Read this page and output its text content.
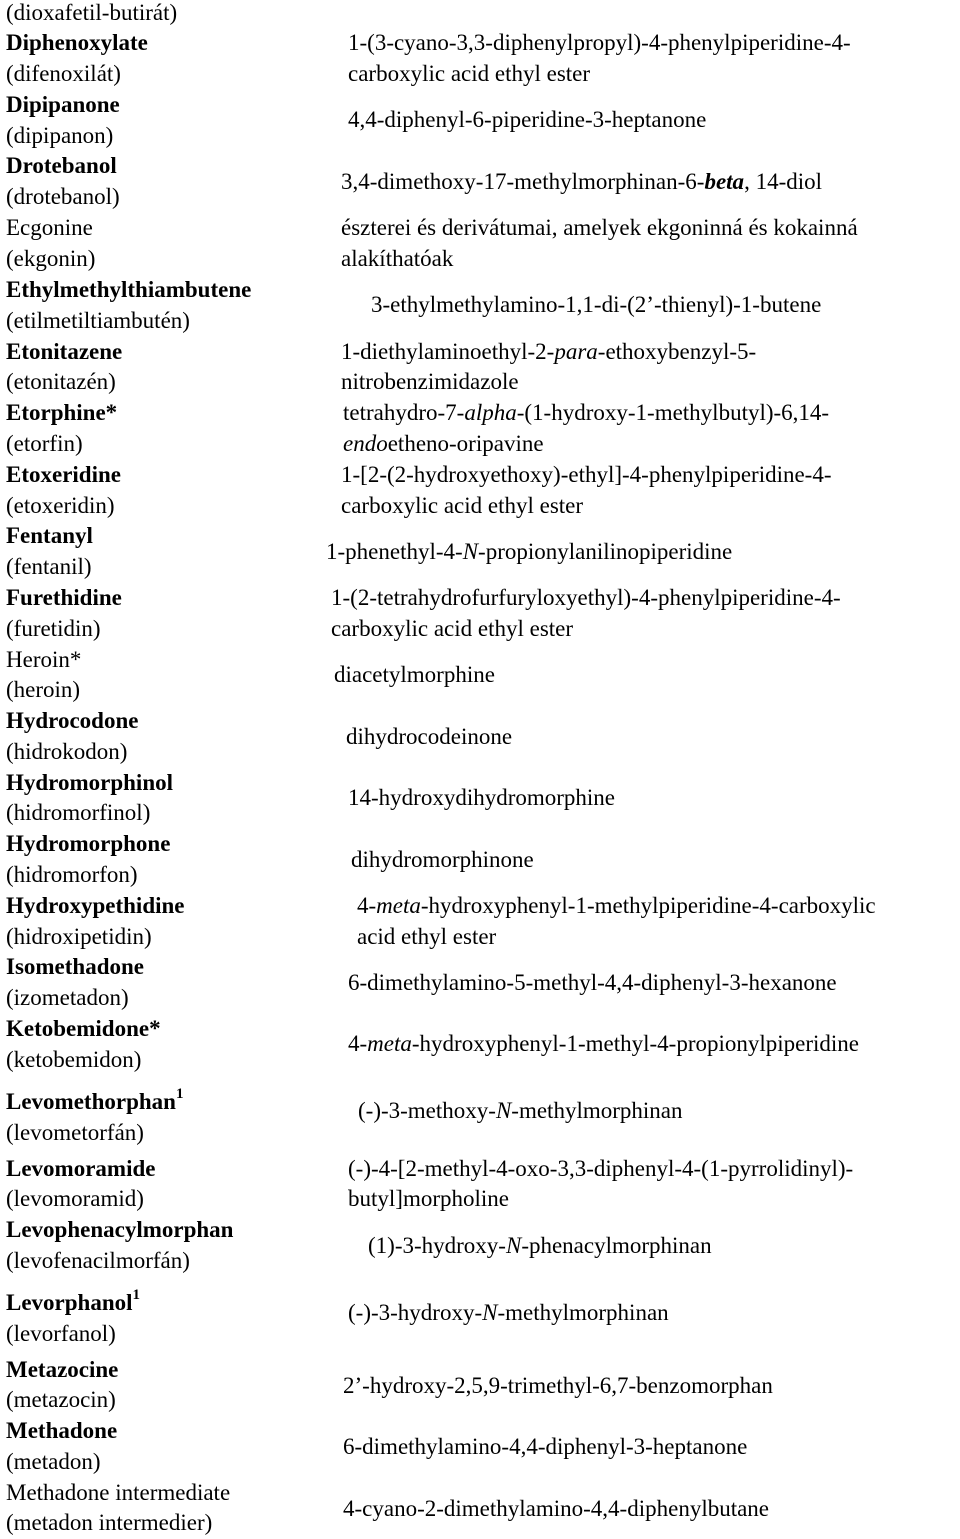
(dioxafetil-butirát)
Diphenoxylate
(difenoxilát)
1-(3-cyano-3,3-diphenylpropyl)-4-phenylpiperidine-4-
carboxylic acid ethyl ester
Dipipanone
(dipipanon)
4,4-diphenyl-6-piperidine-3-heptanone
Drotebanol
(drotebanol)
3,4-dimethoxy-17-methylmorphinan-6-beta, 14-diol
Ecgonine
(ekgonin)
észterei és derivátumai, amelyek ekgoninná és kokainná
alakíthatóak
Ethylmethylthiambutene
(etilmetiltiambutén)
3-ethylmethylamino-1,1-di-(2’-thienyl)-1-butene
Etonitazene
(etonitazén)
1-diethylaminoethyl-2-para-ethoxybenzyl-5-
nitrobenzimidazole
Etorphine*
(etorfin)
tetrahydro-7-alpha-(1-hydroxy-1-methylbutyl)-6,14-
endoetheno-oripavine
Etoxeridine
(etoxeridin)
1-[2-(2-hydroxyethoxy)-ethyl]-4-phenylpiperidine-4-
carboxylic acid ethyl ester
Fentanyl
(fentanil)
1-phenethyl-4-N-propionylanilinopiperidine
Furethidine
(furetidin)
1-(2-tetrahydrofurfuryloxyethyl)-4-phenylpiperidine-4-
carboxylic acid ethyl ester
Heroin*
(heroin)
diacetylmorphine
Hydrocodone
(hidrokodon)
dihydrocodeinone
Hydromorphinol
(hidromorfinol)
14-hydroxydihydromorphine
Hydromorphone
(hidromorfon)
dihydromorphinone
Hydroxypethidine
(hidroxipetidin)
4-meta-hydroxyphenyl-1-methylpiperidine-4-carboxylic
acid ethyl ester
Isomethadone
(izometadon)
6-dimethylamino-5-methyl-4,4-diphenyl-3-hexanone
Ketobemidone*
(ketobemidon)
4-meta-hydroxyphenyl-1-methyl-4-propionylpiperidine
Levomethorphan$^1$
(levometorfán)
(-)-3-methoxy-N-methylmorphinan
Levomoramide
(levomoramid)
(-)-4-[2-methyl-4-oxo-3,3-diphenyl-4-(1-pyrrolidinyl)-
butyl]morpholine
Levophenacylmorphan
(levofenacilmorfán)
(1)-3-hydroxy-N-phenacylmorphinan
Levorphanol$^1$
(levorfanol)
(-)-3-hydroxy-N-methylmorphinan
Metazocine
(metazocin)
2’-hydroxy-2,5,9-trimethyl-6,7-benzomorphan
Methadone
(metadon)
6-dimethylamino-4,4-diphenyl-3-heptanone
Methadone intermediate
(metadon intermedier)
4-cyano-2-dimethylamino-4,4-diphenylbutane
